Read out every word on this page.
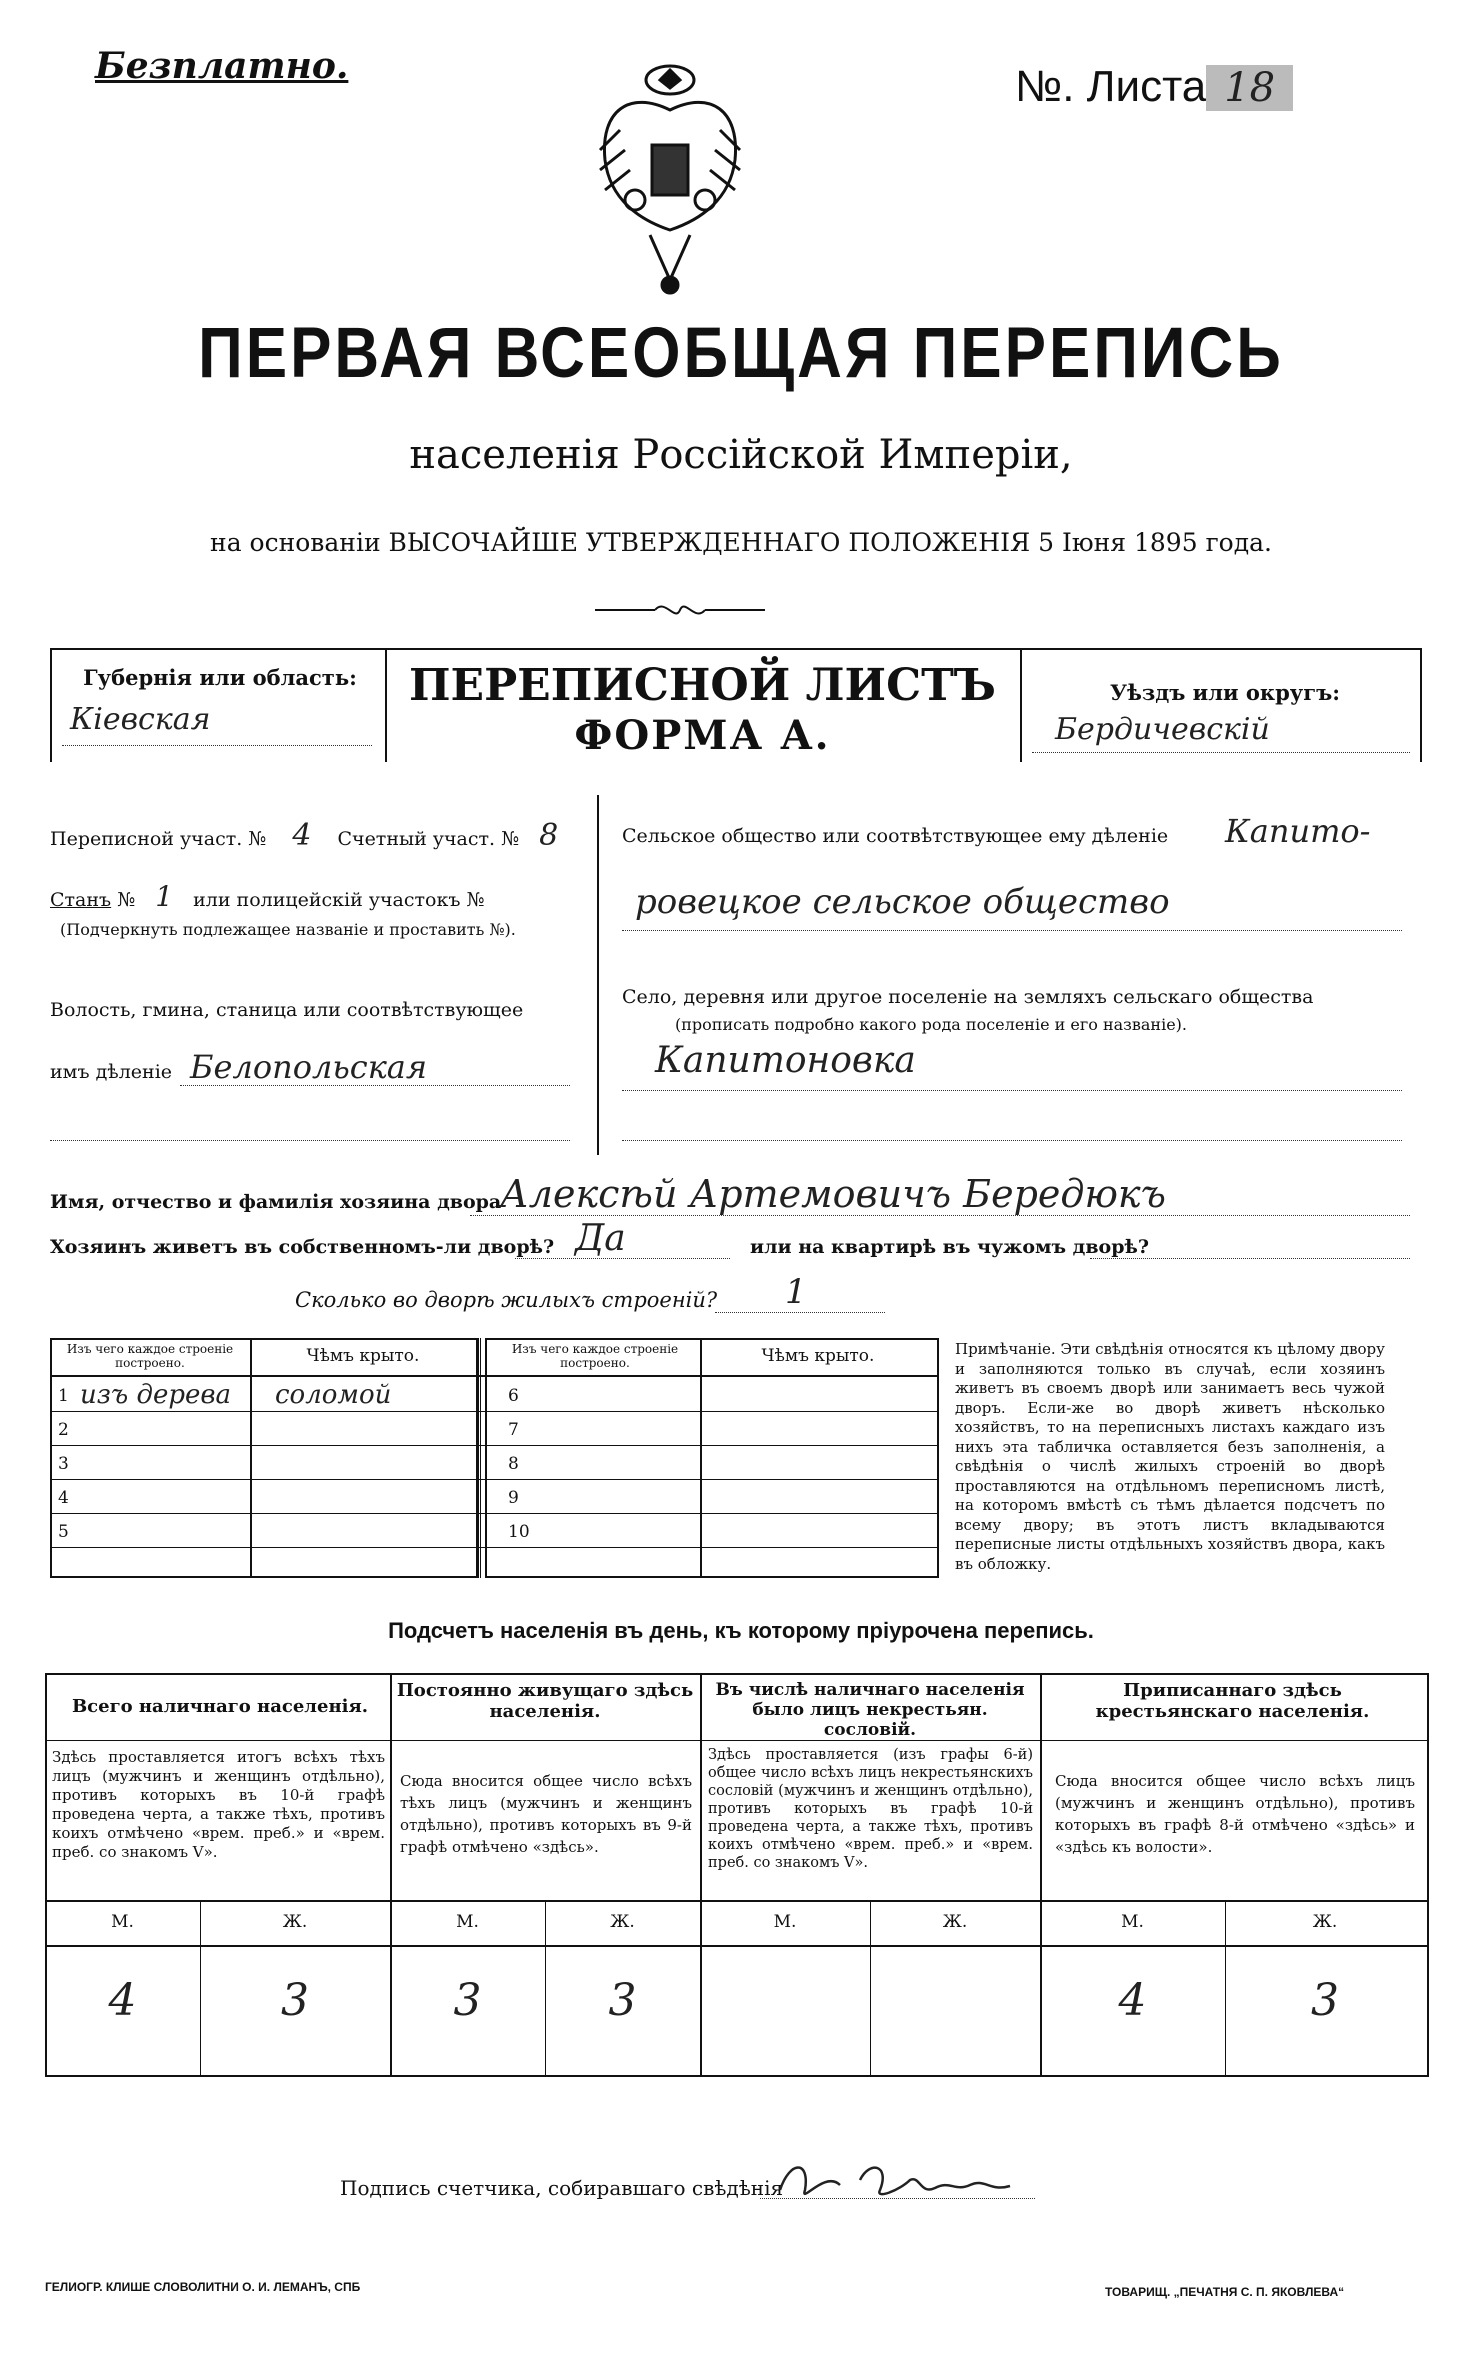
Безплатно.	№. Листа 18
ПЕРВАЯ ВСЕОБЩАЯ ПЕРЕПИСЬ
населенія Россійской Имперіи,
на основаніи ВЫСОЧАЙШЕ УТВЕРЖДЕННАГО ПОЛОЖЕНІЯ 5 Іюня 1895 года.
Губернія или область:
Кіевская
ПЕРЕПИСНОЙ ЛИСТЪ
ФОРМА А.
Уѣздъ или округъ:
Бердичевскій
Переписной участ. № 4 Счетный участ. № 8
Станъ № 1 или полицейскій участокъ №
(Подчеркнуть подлежащее названіе и проставить №).
Волость, гмина, станица или соотвѣтствующее
имъ дѣленіе Белопольская
Сельское общество или соотвѣтствующее ему дѣленіе Капито-
ровецкое сельское общество
Село, деревня или другое поселеніе на земляхъ сельскаго общества
(прописать подробно какого рода поселеніе и его названіе).
Капитоновка
Имя, отчество и фамилія хозяина двора
Алексѣй Артемовичъ Бередюкъ
Хозяинъ живетъ въ собственномъ-ли дворѣ? Да	или на квартирѣ въ чужомъ дворѣ?
Сколько во дворѣ жилыхъ строеній? 1
Изъ чего каждое строеніе построено.	Чѣмъ крыто.	Изъ чего каждое строеніе построено.	Чѣмъ крыто.
1 изъ дерева соломой
2
3
4
5
6
7
8
9
10
Примѣчаніе. Эти свѣдѣнія относятся къ цѣлому двору и заполняются только въ случаѣ, если хозяинъ живетъ въ своемъ дворѣ или занимаетъ весь чужой дворъ. Если-же во дворѣ живетъ нѣсколько хозяйствъ, то на переписныхъ листахъ каждаго изъ нихъ эта табличка оставляется безъ заполненія, а свѣдѣнія о числѣ жилыхъ строеній во дворѣ проставляются на отдѣльномъ переписномъ листѣ, на которомъ вмѣстѣ съ тѣмъ дѣлается подсчетъ по всему двору; въ этотъ листъ вкладываются переписные листы отдѣльныхъ хозяйствъ двора, какъ въ обложку.
Подсчетъ населенія въ день, къ которому пріурочена перепись.
Всего наличнаго населенія.
Здѣсь проставляется итогъ всѣхъ тѣхъ лицъ (мужчинъ и женщинъ отдѣльно), противъ которыхъ въ 10-й графѣ проведена черта, а также тѣхъ, противъ коихъ отмѣчено «врем. преб.» и «врем. преб. со знакомъ V».
М.	Ж.
4	3
Постоянно живущаго здѣсь населенія.
Сюда вносится общее число всѣхъ тѣхъ лицъ (мужчинъ и женщинъ отдѣльно), противъ которыхъ въ 9-й графѣ отмѣчено «здѣсь».
М.	Ж.
3	3
Въ числѣ наличнаго населенія было лицъ некрестьян. сословій.
Здѣсь проставляется (изъ графы 6-й) общее число всѣхъ лицъ некрестьянскихъ сословій (мужчинъ и женщинъ отдѣльно), противъ которыхъ въ графѣ 10-й проведена черта, а также тѣхъ, противъ коихъ отмѣчено «врем. преб.» и «врем. преб. со знакомъ V».
М.	Ж.
Приписаннаго здѣсь крестьянскаго населенія.
Сюда вносится общее число всѣхъ лицъ (мужчинъ и женщинъ отдѣльно), противъ которыхъ въ графѣ 8-й отмѣчено «здѣсь» и «здѣсь къ волости».
М.	Ж.
4	3
Подпись счетчика, собиравшаго свѣдѣнія
ГЕЛИОГР. КЛИШЕ СЛОВОЛИТНИ О. И. ЛЕМАНЪ, СПБ	ТОВАРИЩ. „ПЕЧАТНЯ С. П. ЯКОВЛЕВА“
